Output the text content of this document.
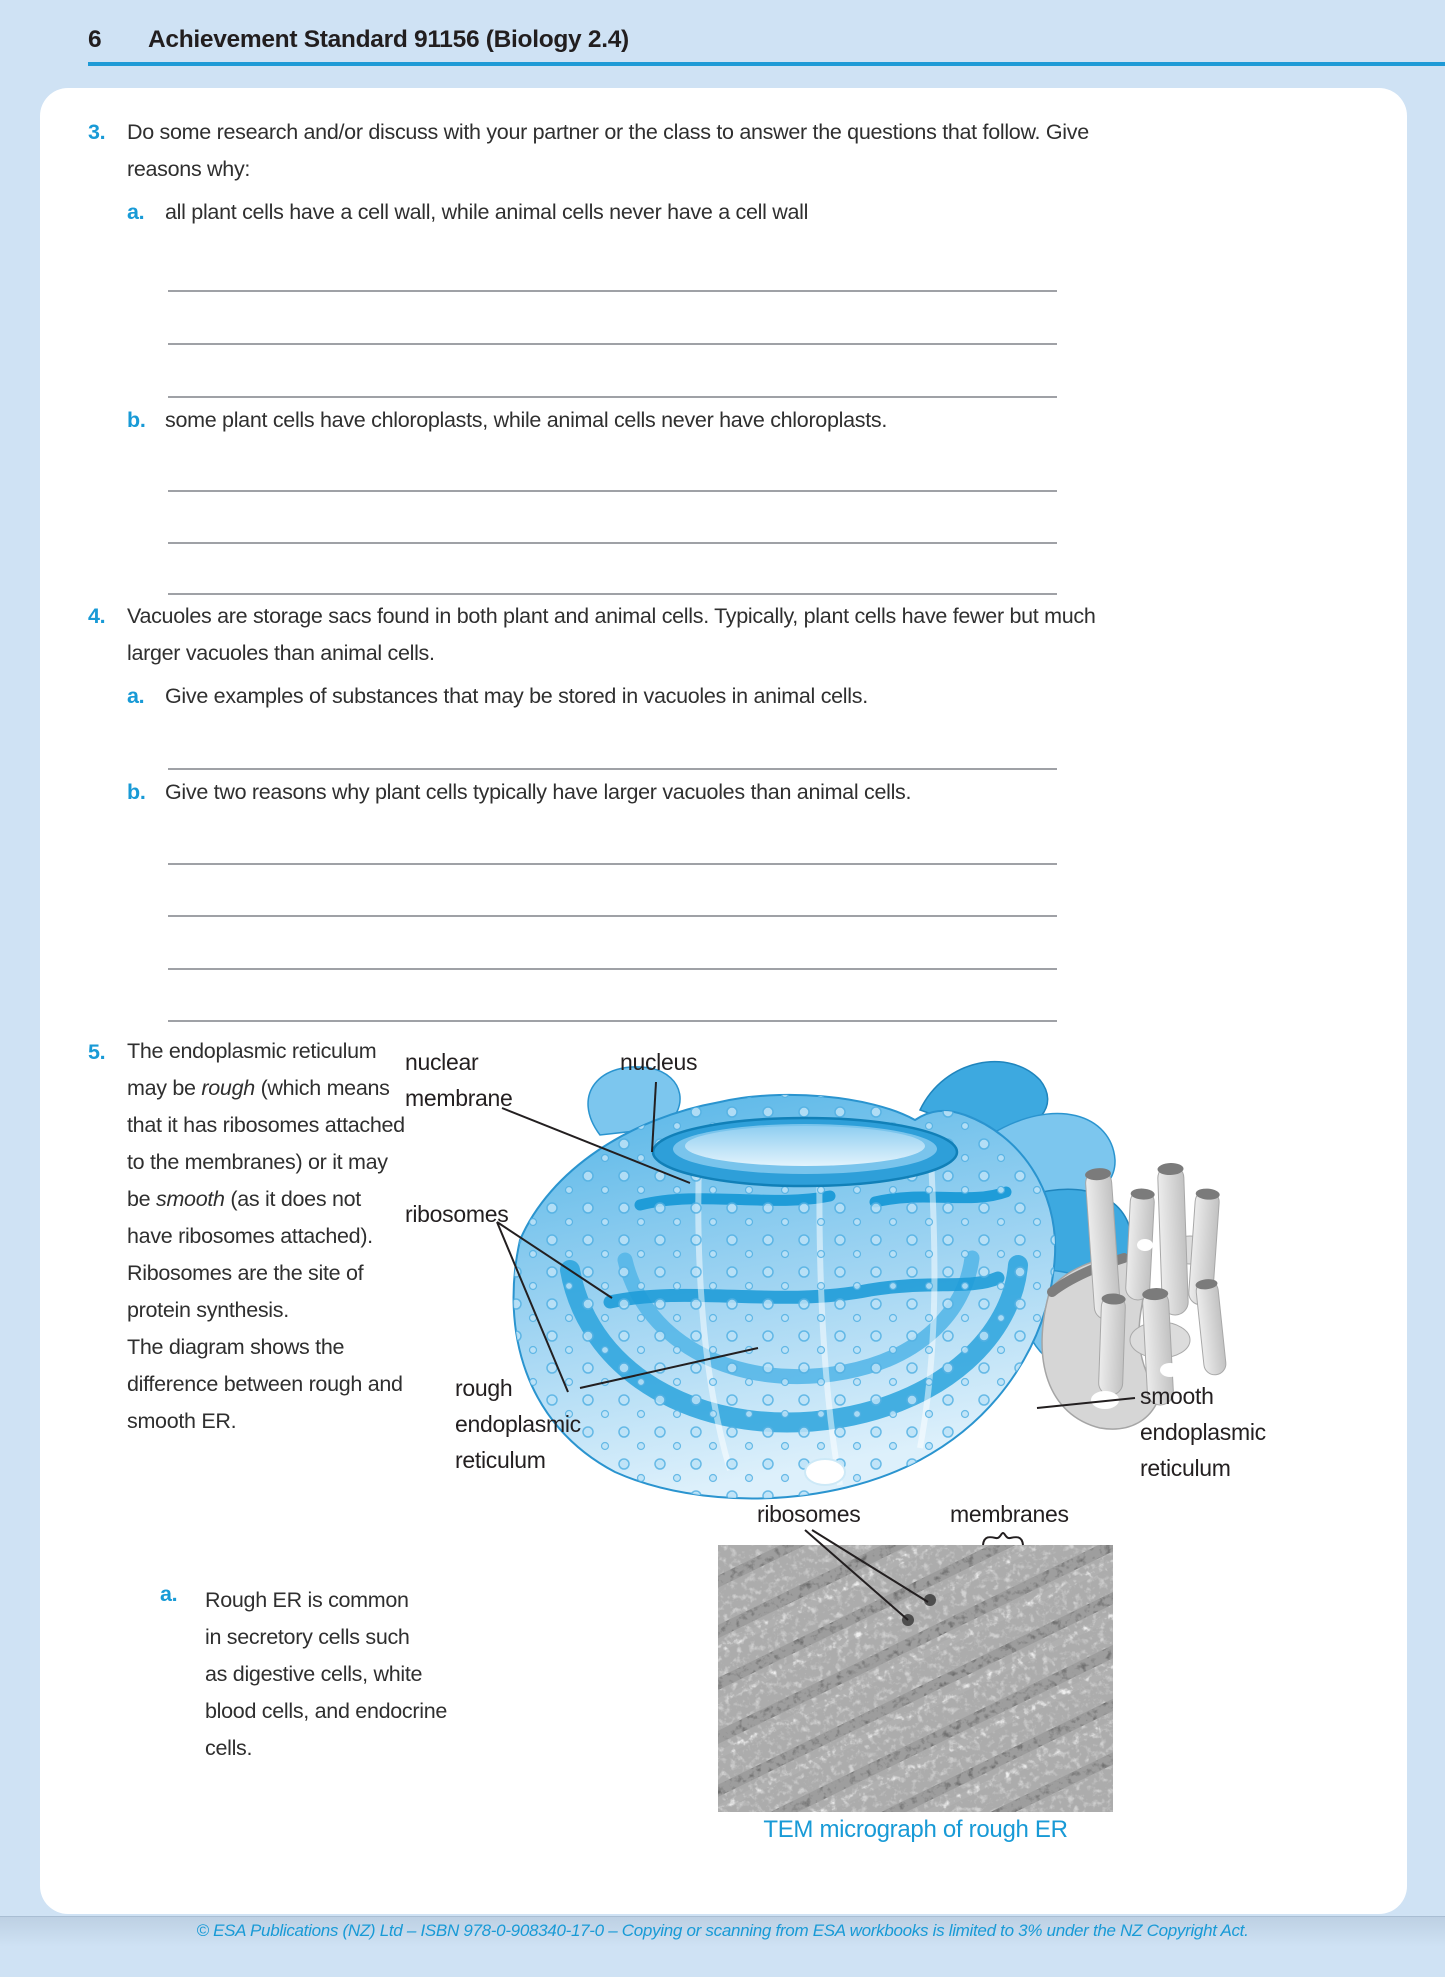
6 Achievement Standard 91156 (Biology 2.4)
3. Do some research and/or discuss with your partner or the class to answer the questions that follow. Give
reasons why:
a. all plant cells have a cell wall, while animal cells never have a cell wall
b. some plant cells have chloroplasts, while animal cells never have chloroplasts.
4. Vacuoles are storage sacs found in both plant and animal cells. Typically, plant cells have fewer but much
larger vacuoles than animal cells.
a. Give examples of substances that may be stored in vacuoles in animal cells.
b. Give two reasons why plant cells typically have larger vacuoles than animal cells.
5. The endoplasmic reticulum may be rough (which means that it has ribosomes attached to the membranes) or it may be smooth (as it does not have ribosomes attached). Ribosomes are the site of protein synthesis.
The diagram shows the difference between rough and smooth ER.
nuclear
membrane
nucleus
ribosomes
rough
endoplasmic
reticulum
smooth
endoplasmic
reticulum
a. Rough ER is common
in secretory cells such
as digestive cells, white
blood cells, and endocrine
cells.
ribosomes	membranes
TEM micrograph of rough ER
© ESA Publications (NZ) Ltd – ISBN 978-0-908340-17-0 – Copying or scanning from ESA workbooks is limited to 3% under the NZ Copyright Act.
